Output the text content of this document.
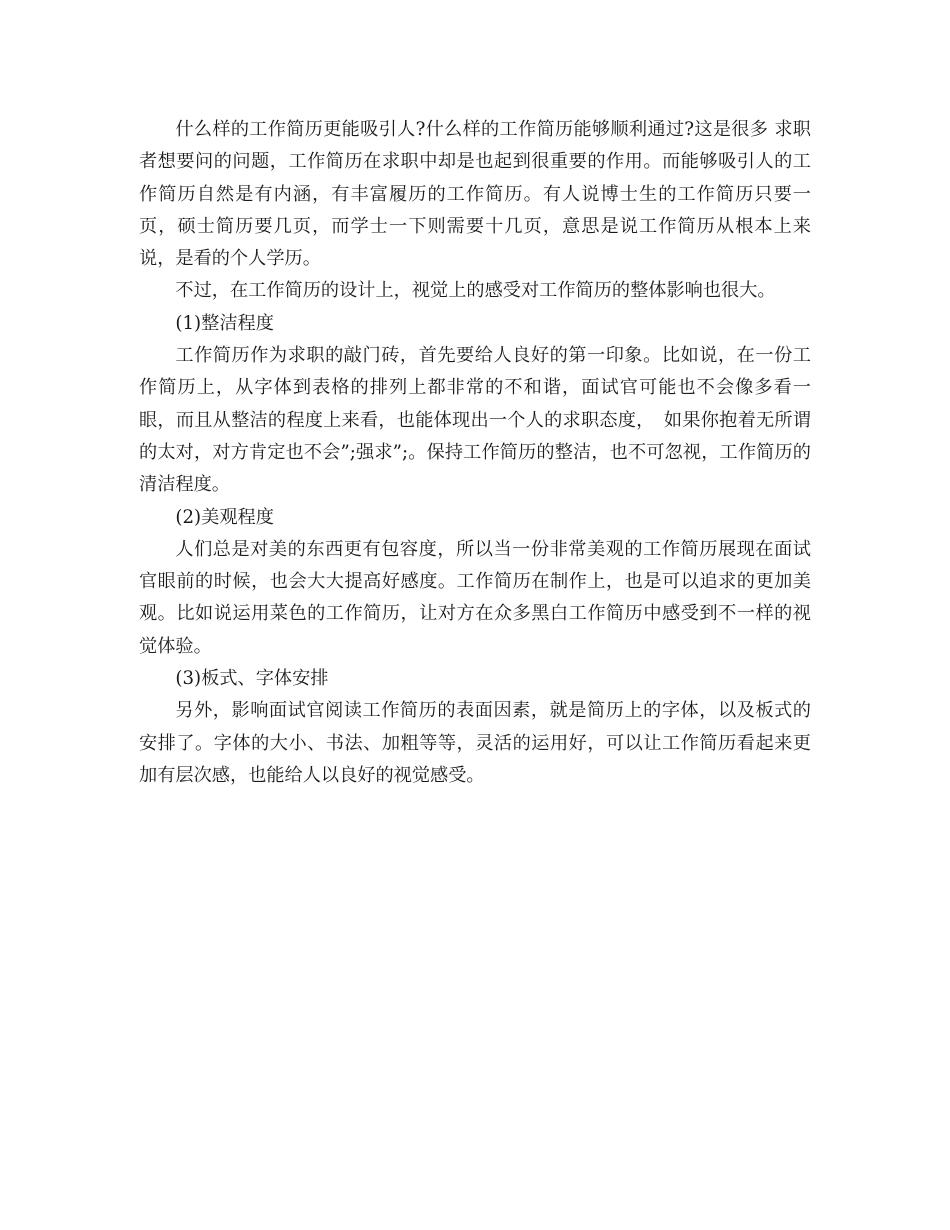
什么样的工作简历更能吸引人?什么样的工作简历能够顺利通过?这是很多 求职者想要问的问题，工作简历在求职中却是也起到很重要的作用。而能够吸引人的工作简历自然是有内涵，有丰富履历的工作简历。有人说博士生的工作简历只要一页，硕士简历要几页，而学士一下则需要十几页，意思是说工作简历从根本上来说，是看的个人学历。

不过，在工作简历的设计上，视觉上的感受对工作简历的整体影响也很大。

(1)整洁程度

工作简历作为求职的敲门砖，首先要给人良好的第一印象。比如说，在一份工作简历上，从字体到表格的排列上都非常的不和谐，面试官可能也不会像多看一眼，而且从整洁的程度上来看，也能体现出一个人的求职态度，　如果你抱着无所谓的太对，对方肯定也不会”;强求”;。保持工作简历的整洁，也不可忽视，工作简历的清洁程度。

(2)美观程度

人们总是对美的东西更有包容度，所以当一份非常美观的工作简历展现在面试官眼前的时候，也会大大提高好感度。工作简历在制作上，也是可以追求的更加美观。比如说运用菜色的工作简历，让对方在众多黑白工作简历中感受到不一样的视觉体验。

(3)板式、字体安排

另外，影响面试官阅读工作简历的表面因素，就是简历上的字体，以及板式的安排了。字体的大小、书法、加粗等等，灵活的运用好，可以让工作简历看起来更加有层次感，也能给人以良好的视觉感受。
